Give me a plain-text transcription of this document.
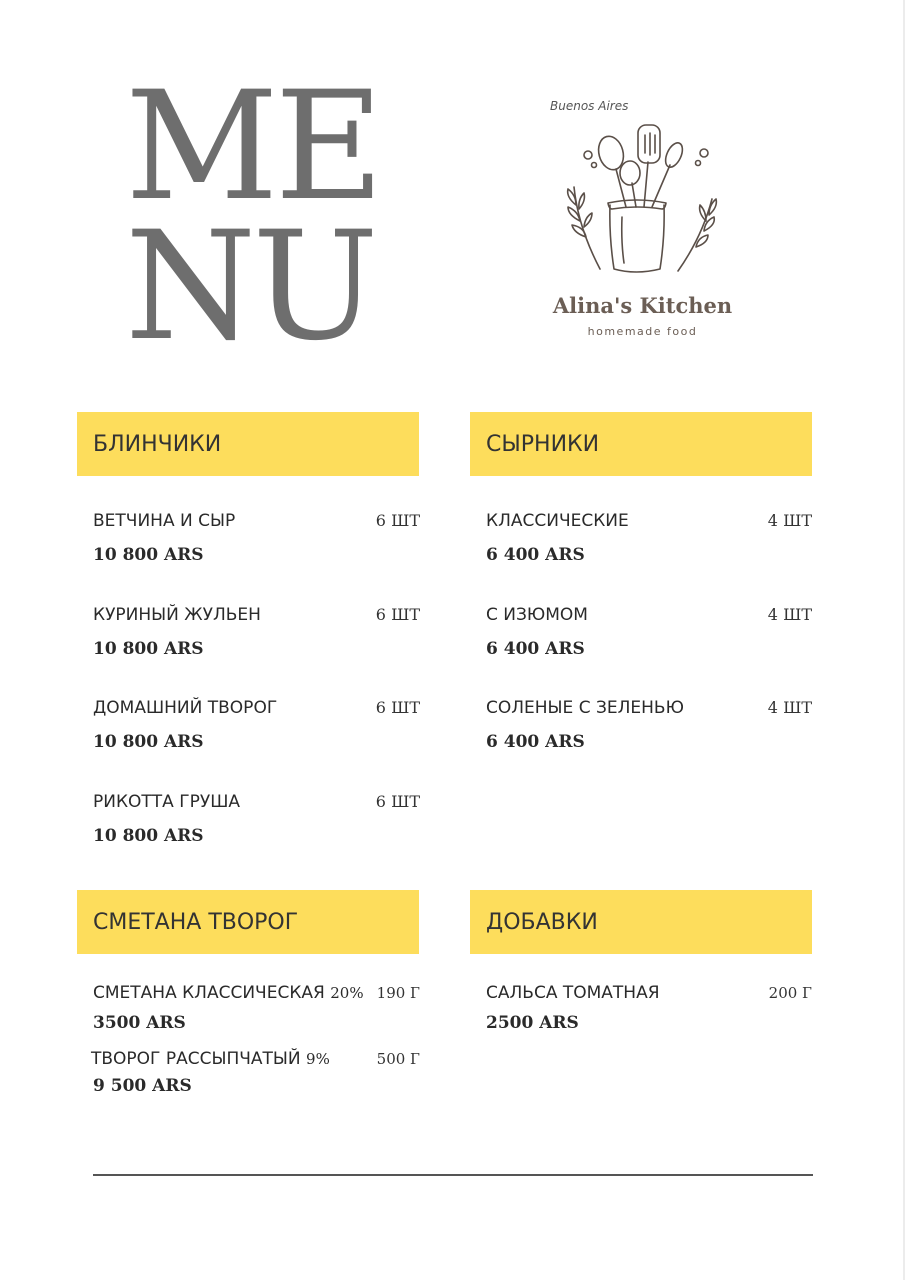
ME
NU
Buenos Aires
Alina's Kitchen
homemade food
БЛИНЧИКИ
ВЕТЧИНА И СЫР	6 ШТ
10 800 ARS
КУРИНЫЙ ЖУЛЬЕН	6 ШТ
10 800 ARS
ДОМАШНИЙ ТВОРОГ	6 ШТ
10 800 ARS
РИКОТТА ГРУША	6 ШТ
10 800 ARS
СЫРНИКИ
КЛАССИЧЕСКИЕ	4 ШТ
6 400 ARS
С ИЗЮМОМ	4 ШТ
6 400 ARS
СОЛЕНЫЕ С ЗЕЛЕНЬЮ	4 ШТ
6 400 ARS
СМЕТАНА ТВОРОГ
СМЕТАНА КЛАССИЧЕСКАЯ 20% 190 Г
3500 ARS
ТВОРОГ РАССЫПЧАТЫЙ 9%	500 Г
9 500 ARS
ДОБАВКИ
САЛЬСА ТОМАТНАЯ	200 Г
2500 ARS
